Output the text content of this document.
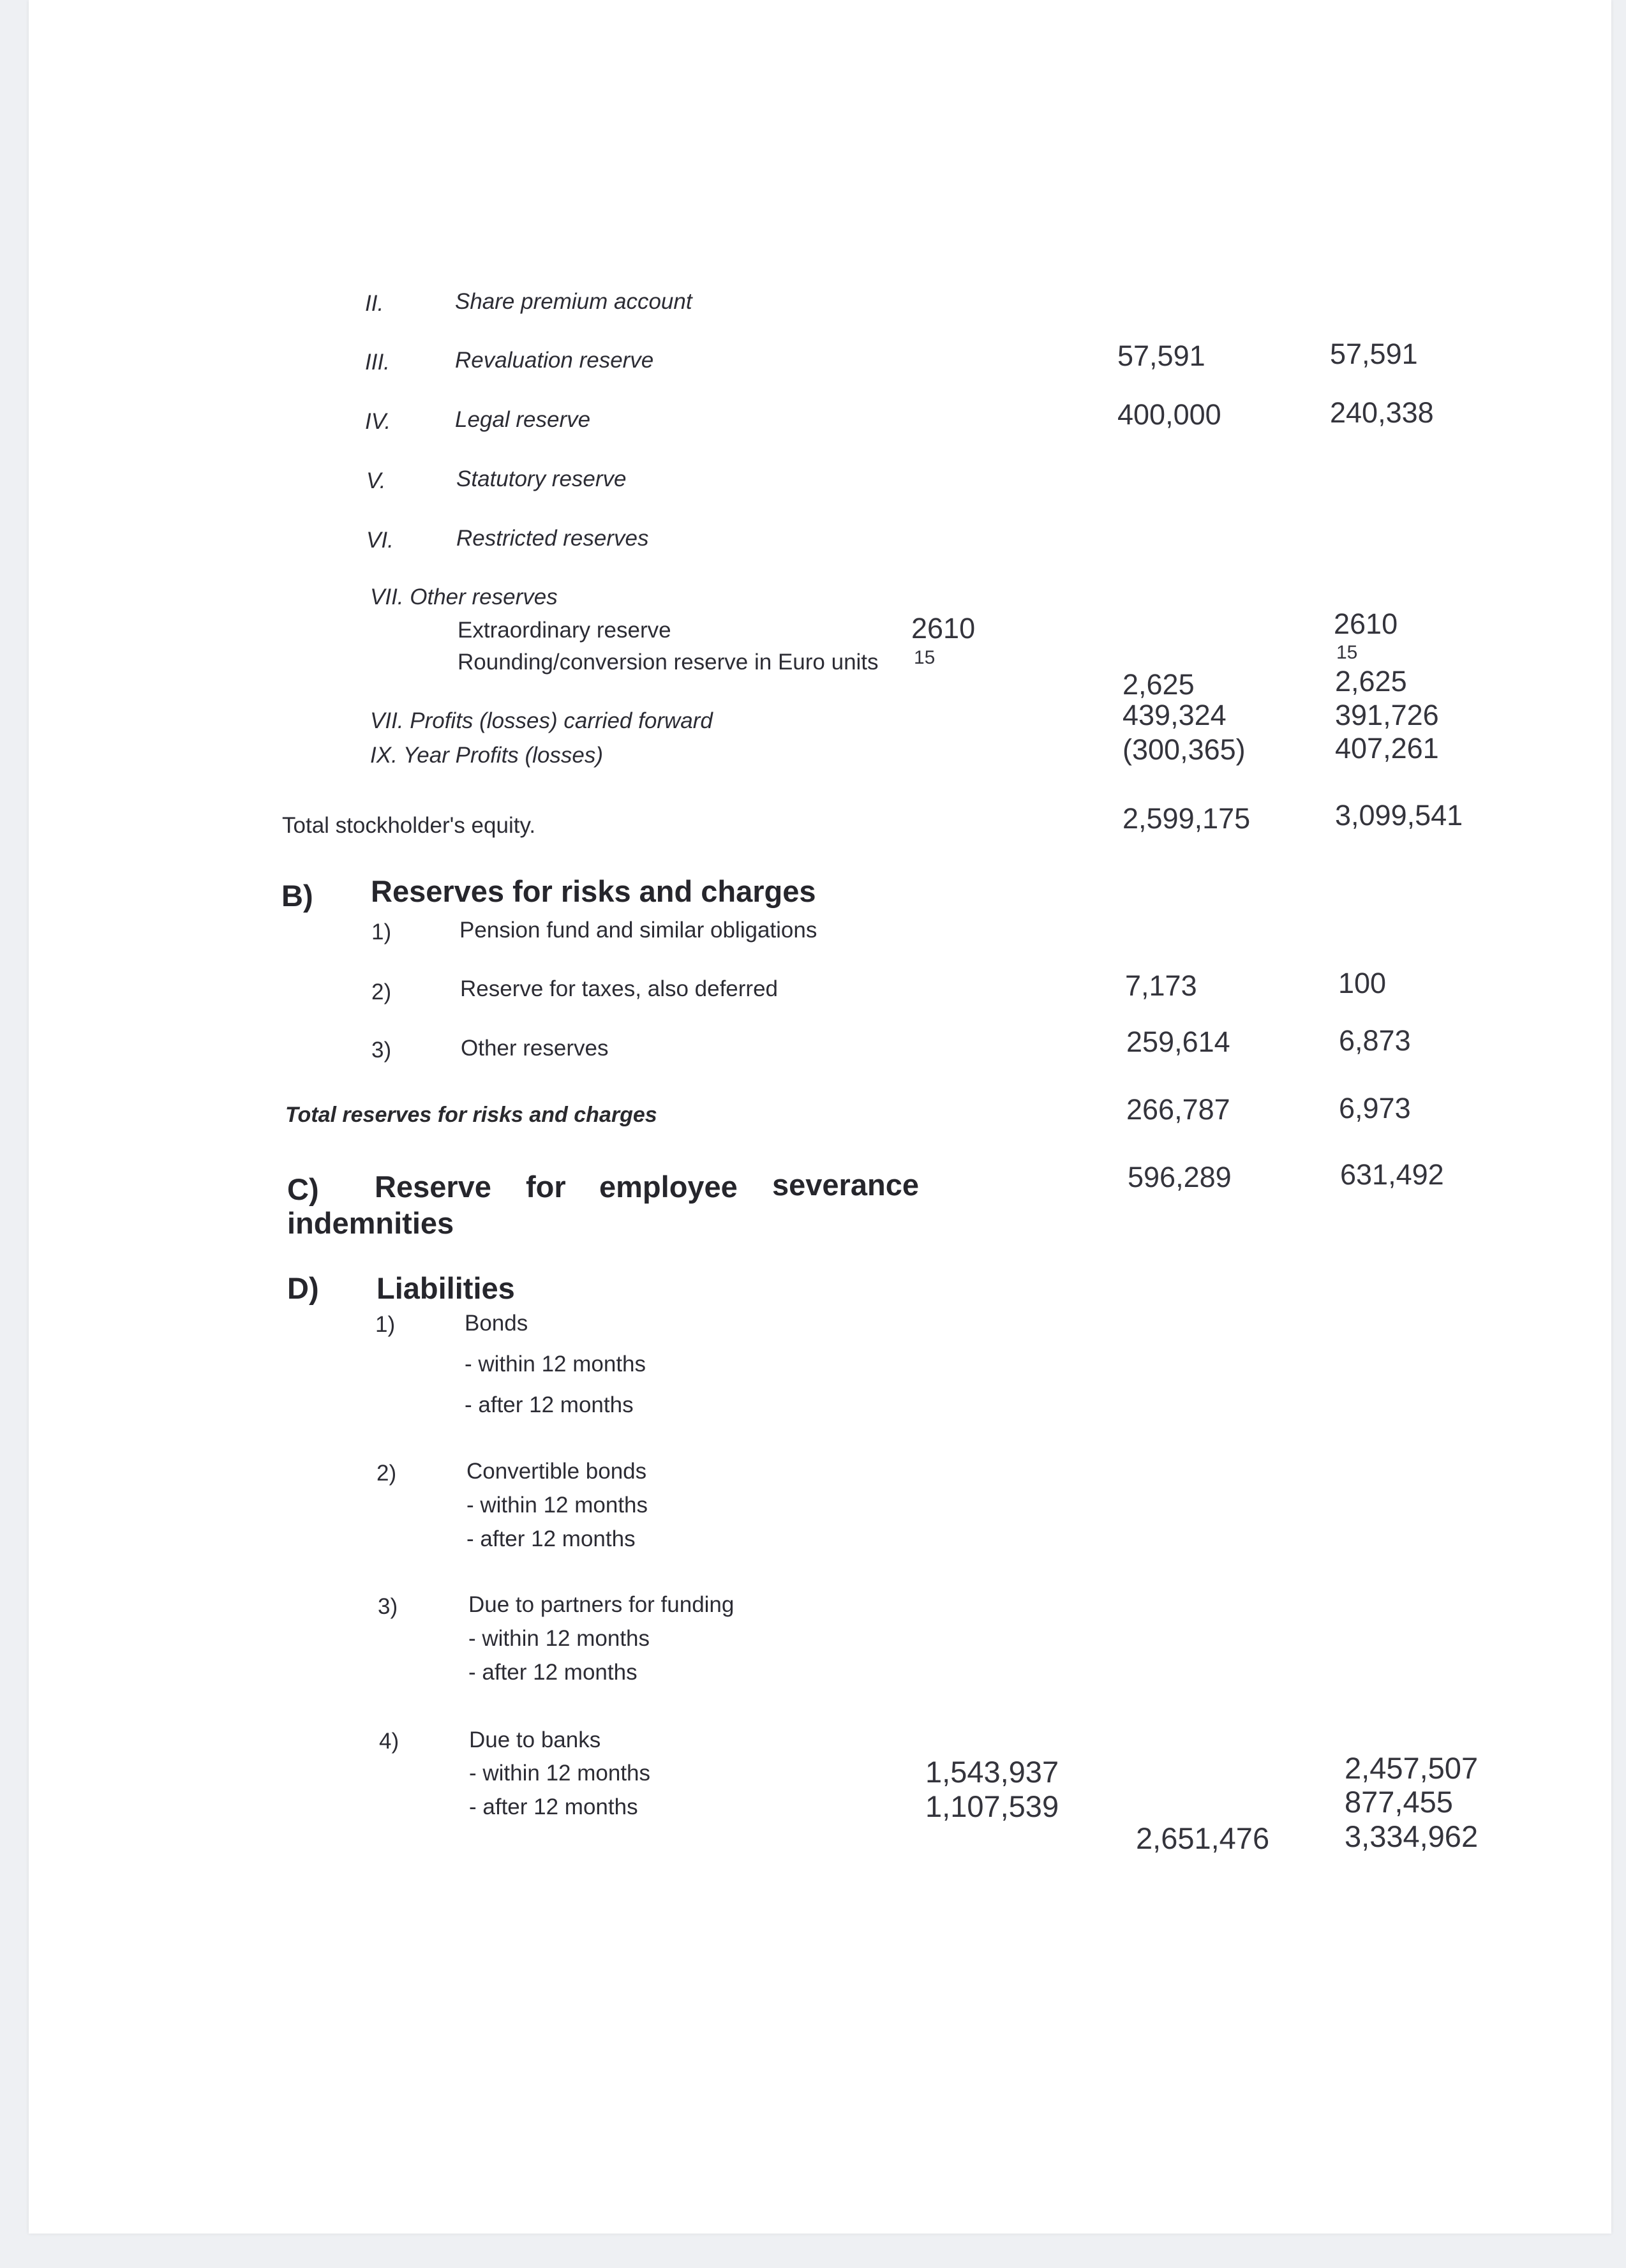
II.	Share premium account
III.	Revaluation reserve	57,591	57,591
IV.	Legal reserve	400,000	240,338
V.	Statutory reserve
VI.	Restricted reserves
VII. Other reserves
Extraordinary reserve	2610	2610
Rounding/conversion reserve in Euro units 15	15
2,625	2,625
VII. Profits (losses) carried forward	439,324	391,726
IX. Year Profits (losses)	(300,365)	407,261
Total stockholder's equity.	2,599,175	3,099,541
B) Reserves for risks and charges
1)	Pension fund and similar obligations
2)	Reserve for taxes, also deferred	7,173	100
3)	Other reserves	259,614	6,873
Total reserves for risks and charges	266,787	6,973
C) Reserve for employee severance
indemnities
596,289	631,492
D) Liabilities
1)	Bonds
- within 12 months
- after 12 months
2)	Convertible bonds
- within 12 months
- after 12 months
3)	Due to partners for funding
- within 12 months
- after 12 months
4)	Due to banks
- within 12 months	1,543,937	2,457,507
- after 12 months	1,107,539	877,455
2,651,476	3,334,962
